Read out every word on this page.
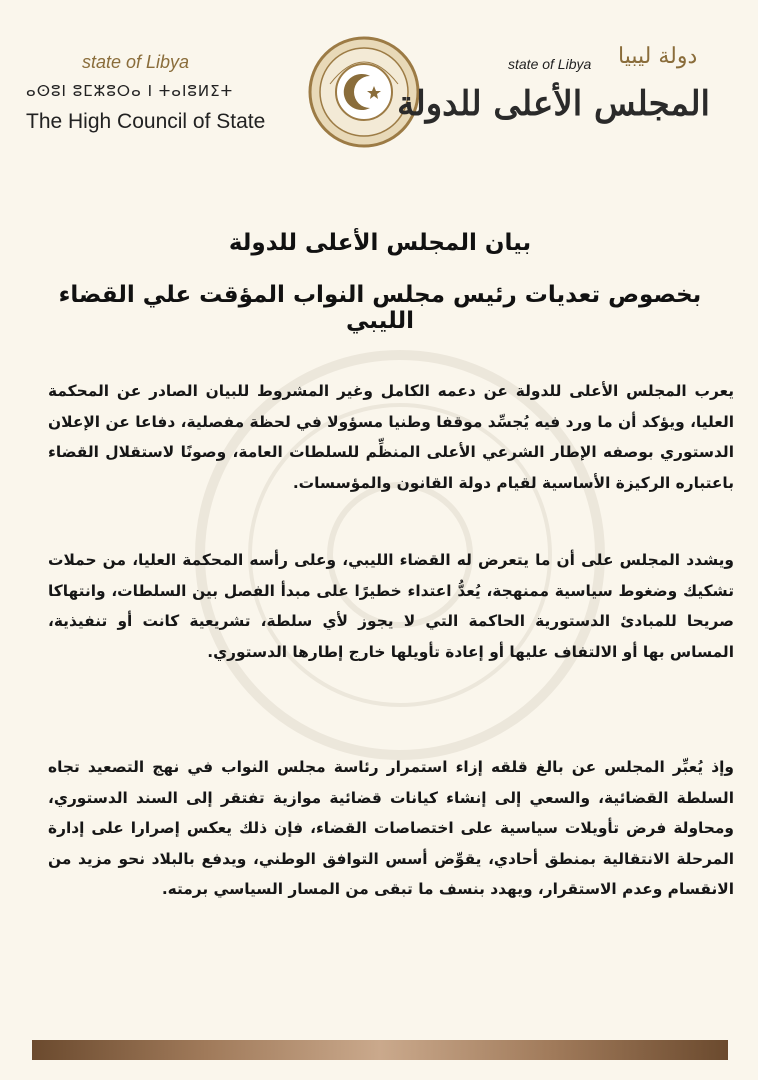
state of Libya
ⴰⵙⵓⵏ ⵓⵎⵣⵓⵔⴰ ⵏ ⵜⴰⵏⵓⵍⵉⵜ
The High Council of State
state of Libya دولة ليبيا
المجلس الأعلى للدولة
بيان المجلس الأعلى للدولة
بخصوص تعديات رئيس مجلس النواب المؤقت علي القضاء الليبي
يعرب المجلس الأعلى للدولة عن دعمه الكامل وغير المشروط للبيان الصادر عن المحكمة العليا، ويؤكد أن ما ورد فيه يُجسِّد موقفا وطنيا مسؤولا في لحظة مفصلية، دفاعا عن الإعلان الدستوري بوصفه الإطار الشرعي الأعلى المنظِّم للسلطات العامة، وصونًا لاستقلال القضاء باعتباره الركيزة الأساسية لقيام دولة القانون والمؤسسات.
ويشدد المجلس على أن ما يتعرض له القضاء الليبي، وعلى رأسه المحكمة العليا، من حملات تشكيك وضغوط سياسية ممنهجة، يُعدُّ اعتداء خطيرًا على مبدأ الفصل بين السلطات، وانتهاكا صريحا للمبادئ الدستورية الحاكمة التي لا يجوز لأي سلطة، تشريعية كانت أو تنفيذية، المساس بها أو الالتفاف عليها أو إعادة تأويلها خارج إطارها الدستوري.
وإذ يُعبِّر المجلس عن بالغ قلقه إزاء استمرار رئاسة مجلس النواب في نهج التصعيد تجاه السلطة القضائية، والسعي إلى إنشاء كيانات قضائية موازية تفتقر إلى السند الدستوري، ومحاولة فرض تأويلات سياسية على اختصاصات القضاء، فإن ذلك يعكس إصرارا على إدارة المرحلة الانتقالية بمنطق أحادي، يقوِّض أسس التوافق الوطني، ويدفع بالبلاد نحو مزيد من الانقسام وعدم الاستقرار، ويهدد بنسف ما تبقى من المسار السياسي برمته.
